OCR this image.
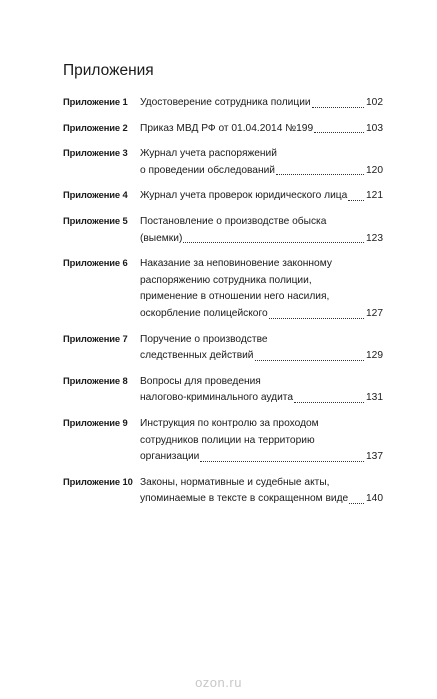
Приложения
Приложение 1	Удостоверение сотрудника полиции	102
Приложение 2	Приказ МВД РФ от 01.04.2014 №199	103
Приложение 3	Журнал учета распоряжений
о проведении обследований	120
Приложение 4	Журнал учета проверок юридического лица 121
Приложение 5	Постановление о производстве обыска
(выемки)	123
Приложение 6	Наказание за неповиновение законному
распоряжению сотрудника полиции,
применение в отношении него насилия,
оскорбление полицейского	127
Приложение 7	Поручение о производстве
следственных действий	129
Приложение 8	Вопросы для проведения
налогово-криминального аудита	131
Приложение 9	Инструкция по контролю за проходом
сотрудников полиции на территорию
организации	137
Приложение 10 Законы, нормативные и судебные акты,
упоминаемые в тексте в сокращенном виде 140
ozon.ru
